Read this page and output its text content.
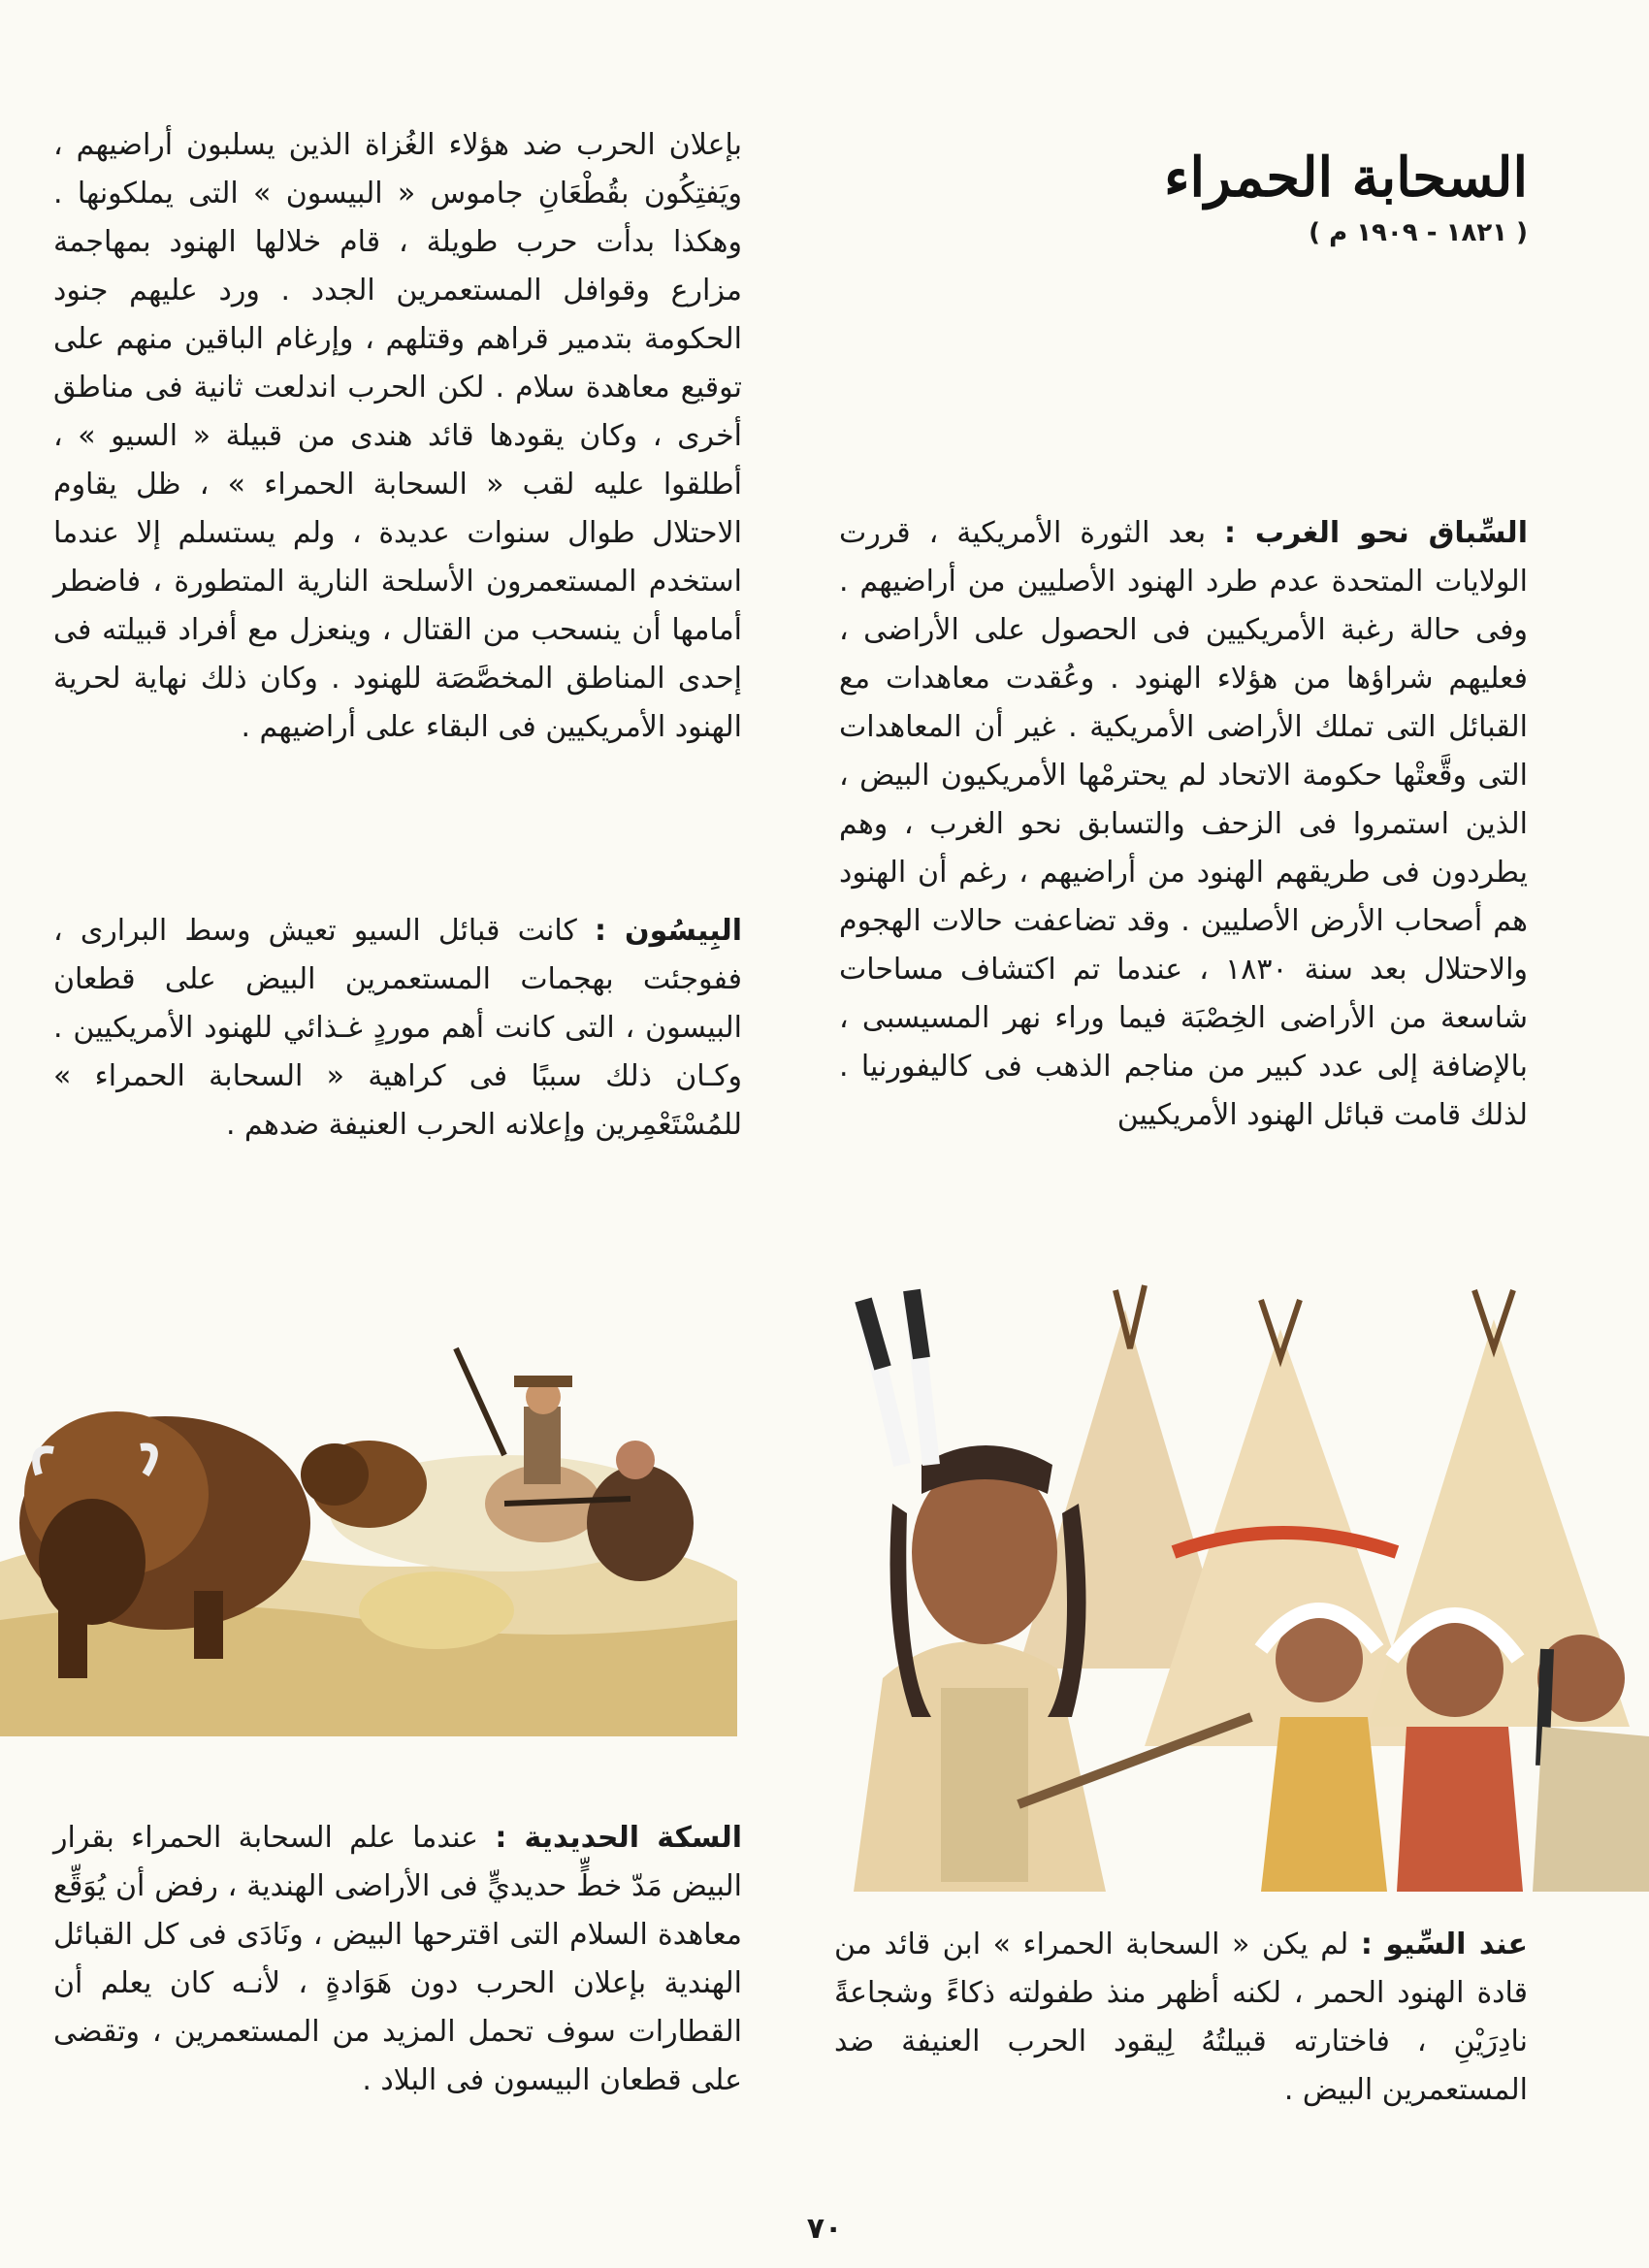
السحابة الحمراء
( ١٨٢١ - ١٩٠٩ م )

بإعلان الحرب ضد هؤلاء الغُزاة الذين يسلبون أراضيهم ، ويَفتِكُون بقُطْعَانِ جاموس « البيسون » التى يملكونها . وهكذا بدأت حرب طويلة ، قام خلالها الهنود بمهاجمة مزارع وقوافل المستعمرين الجدد . ورد عليهم جنود الحكومة بتدمير قراهم وقتلهم ، وإرغام الباقين منهم على توقيع معاهدة سلام . لكن الحرب اندلعت ثانية فى مناطق أخرى ، وكان يقودها قائد هندى من قبيلة « السيو » ، أطلقوا عليه لقب « السحابة الحمراء » ، ظل يقاوم الاحتلال طوال سنوات عديدة ، ولم يستسلم إلا عندما استخدم المستعمرون الأسلحة النارية المتطورة ، فاضطر أمامها أن ينسحب من القتال ، وينعزل مع أفراد قبيلته فى إحدى المناطق المخصَّصَة للهنود . وكان ذلك نهاية لحرية الهنود الأمريكيين فى البقاء على أراضيهم .

السِّباق نحو الغرب : بعد الثورة الأمريكية ، قررت الولايات المتحدة عدم طرد الهنود الأصليين من أراضيهم . وفى حالة رغبة الأمريكيين فى الحصول على الأراضى ، فعليهم شراؤها من هؤلاء الهنود . وعُقدت معاهدات مع القبائل التى تملك الأراضى الأمريكية . غير أن المعاهدات التى وقَّعتْها حكومة الاتحاد لم يحترمْها الأمريكيون البيض ، الذين استمروا فى الزحف والتسابق نحو الغرب ، وهم يطردون فى طريقهم الهنود من أراضيهم ، رغم أن الهنود هم أصحاب الأرض الأصليين . وقد تضاعفت حالات الهجوم والاحتلال بعد سنة ١٨٣٠ ، عندما تم اكتشاف مساحات شاسعة من الأراضى الخِصْبَة فيما وراء نهر المسيسبى ، بالإضافة إلى عدد كبير من مناجم الذهب فى كاليفورنيا . لذلك قامت قبائل الهنود الأمريكيين

البِيسُون : كانت قبائل السيو تعيش وسط البرارى ، ففوجئت بهجمات المستعمرين البيض على قطعان البيسون ، التى كانت أهم موردٍ غـذائي للهنود الأمريكيين . وكـان ذلك سببًا فى كراهية « السحابة الحمراء » للمُسْتَعْمِرين وإعلانه الحرب العنيفة ضدهم .

عند السِّيو : لم يكن « السحابة الحمراء » ابن قائد من قادة الهنود الحمر ، لكنه أظهر منذ طفولته ذكاءً وشجاعةً نادِرَيْنِ ، فاختارته قبيلتُهُ لِيقود الحرب العنيفة ضد المستعمرين البيض .

السكة الحديدية : عندما علم السحابة الحمراء بقرار البيض مَدّ خطٍّ حديديٍّ فى الأراضى الهندية ، رفض أن يُوَقِّع معاهدة السلام التى اقترحها البيض ، ونَادَى فى كل القبائل الهندية بإعلان الحرب دون هَوَادةٍ ، لأنـه كان يعلم أن القطارات سوف تحمل المزيد من المستعمرين ، وتقضى على قطعان البيسون فى البلاد .

٧٠
